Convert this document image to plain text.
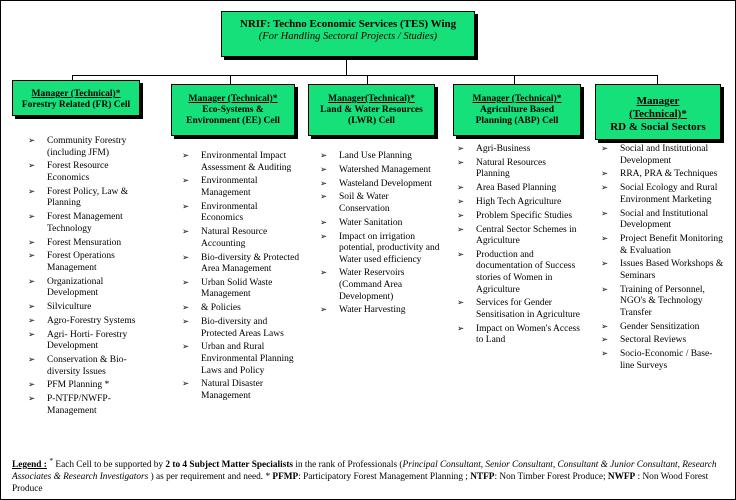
NRIF: Techno Economic Services (TES) Wing
(For Handling Sectoral Projects / Studies)
Manager (Technical)*
Forestry Related (FR) Cell
Manager (Technical)*
Eco-Systems &
Environment (EE) Cell
Manager(Technical)*
Land & Water Resources
(LWR) Cell
Manager (Technical)*
Agriculture Based
Planning (ABP) Cell
Manager
(Technical)*
RD & Social Sectors
➢ Community Forestry (including JFM)
➢ Forest Resource Economics
➢ Forest Policy, Law & Planning
➢ Forest Management Technology
➢ Forest Mensuration
➢ Forest Operations Management
➢ Organizational Development
➢ Silviculture
➢ Agro-Forestry Systems
➢ Agri- Horti- Forestry Development
➢ Conservation & Bio-diversity Issues
➢ PFM Planning *
➢ P-NTFP/NWFP-Management
➢ Environmental Impact Assessment & Auditing
➢ Environmental Management
➢ Environmental Economics
➢ Natural Resource Accounting
➢ Bio-diversity & Protected Area Management
➢ Urban Solid Waste Management
➢ & Policies
➢ Bio-diversity and Protected Areas Laws
➢ Urban and Rural Environmental Planning Laws and Policy
➢ Natural Disaster Management
➢ Land Use Planning
➢ Watershed Management
➢ Wasteland Development
➢ Soil & Water Conservation
➢ Water Sanitation
➢ Impact on irrigation potential, productivity and Water used efficiency
➢ Water Reservoirs (Command Area Development)
➢ Water Harvesting
➢ Agri-Business
➢ Natural Resources Planning
➢ Area Based Planning
➢ High Tech Agriculture
➢ Problem Specific Studies
➢ Central Sector Schemes in Agriculture
➢ Production and documentation of Success stories of Women in Agriculture
➢ Services for Gender Sensitisation in Agriculture
➢ Impact on Women's Access to Land
➢ Social and Institutional Development
➢ RRA, PRA & Techniques
➢ Social Ecology and Rural Environment Marketing
➢ Social and Institutional Development
➢ Project Benefit Monitoring & Evaluation
➢ Issues Based Workshops & Seminars
➢ Training of Personnel, NGO's & Technology Transfer
➢ Gender Sensitization
➢ Sectoral Reviews
➢ Socio-Economic / Base-line Surveys
Legend : * Each Cell to be supported by 2 to 4 Subject Matter Specialists in the rank of Professionals (Principal Consultant, Senior Consultant, Consultant & Junior Consultant, Research Associates & Research Investigators ) as per requirement and need. * PFMP: Participatory Forest Management Planning ; NTFP: Non Timber Forest Produce; NWFP : Non Wood Forest Produce
